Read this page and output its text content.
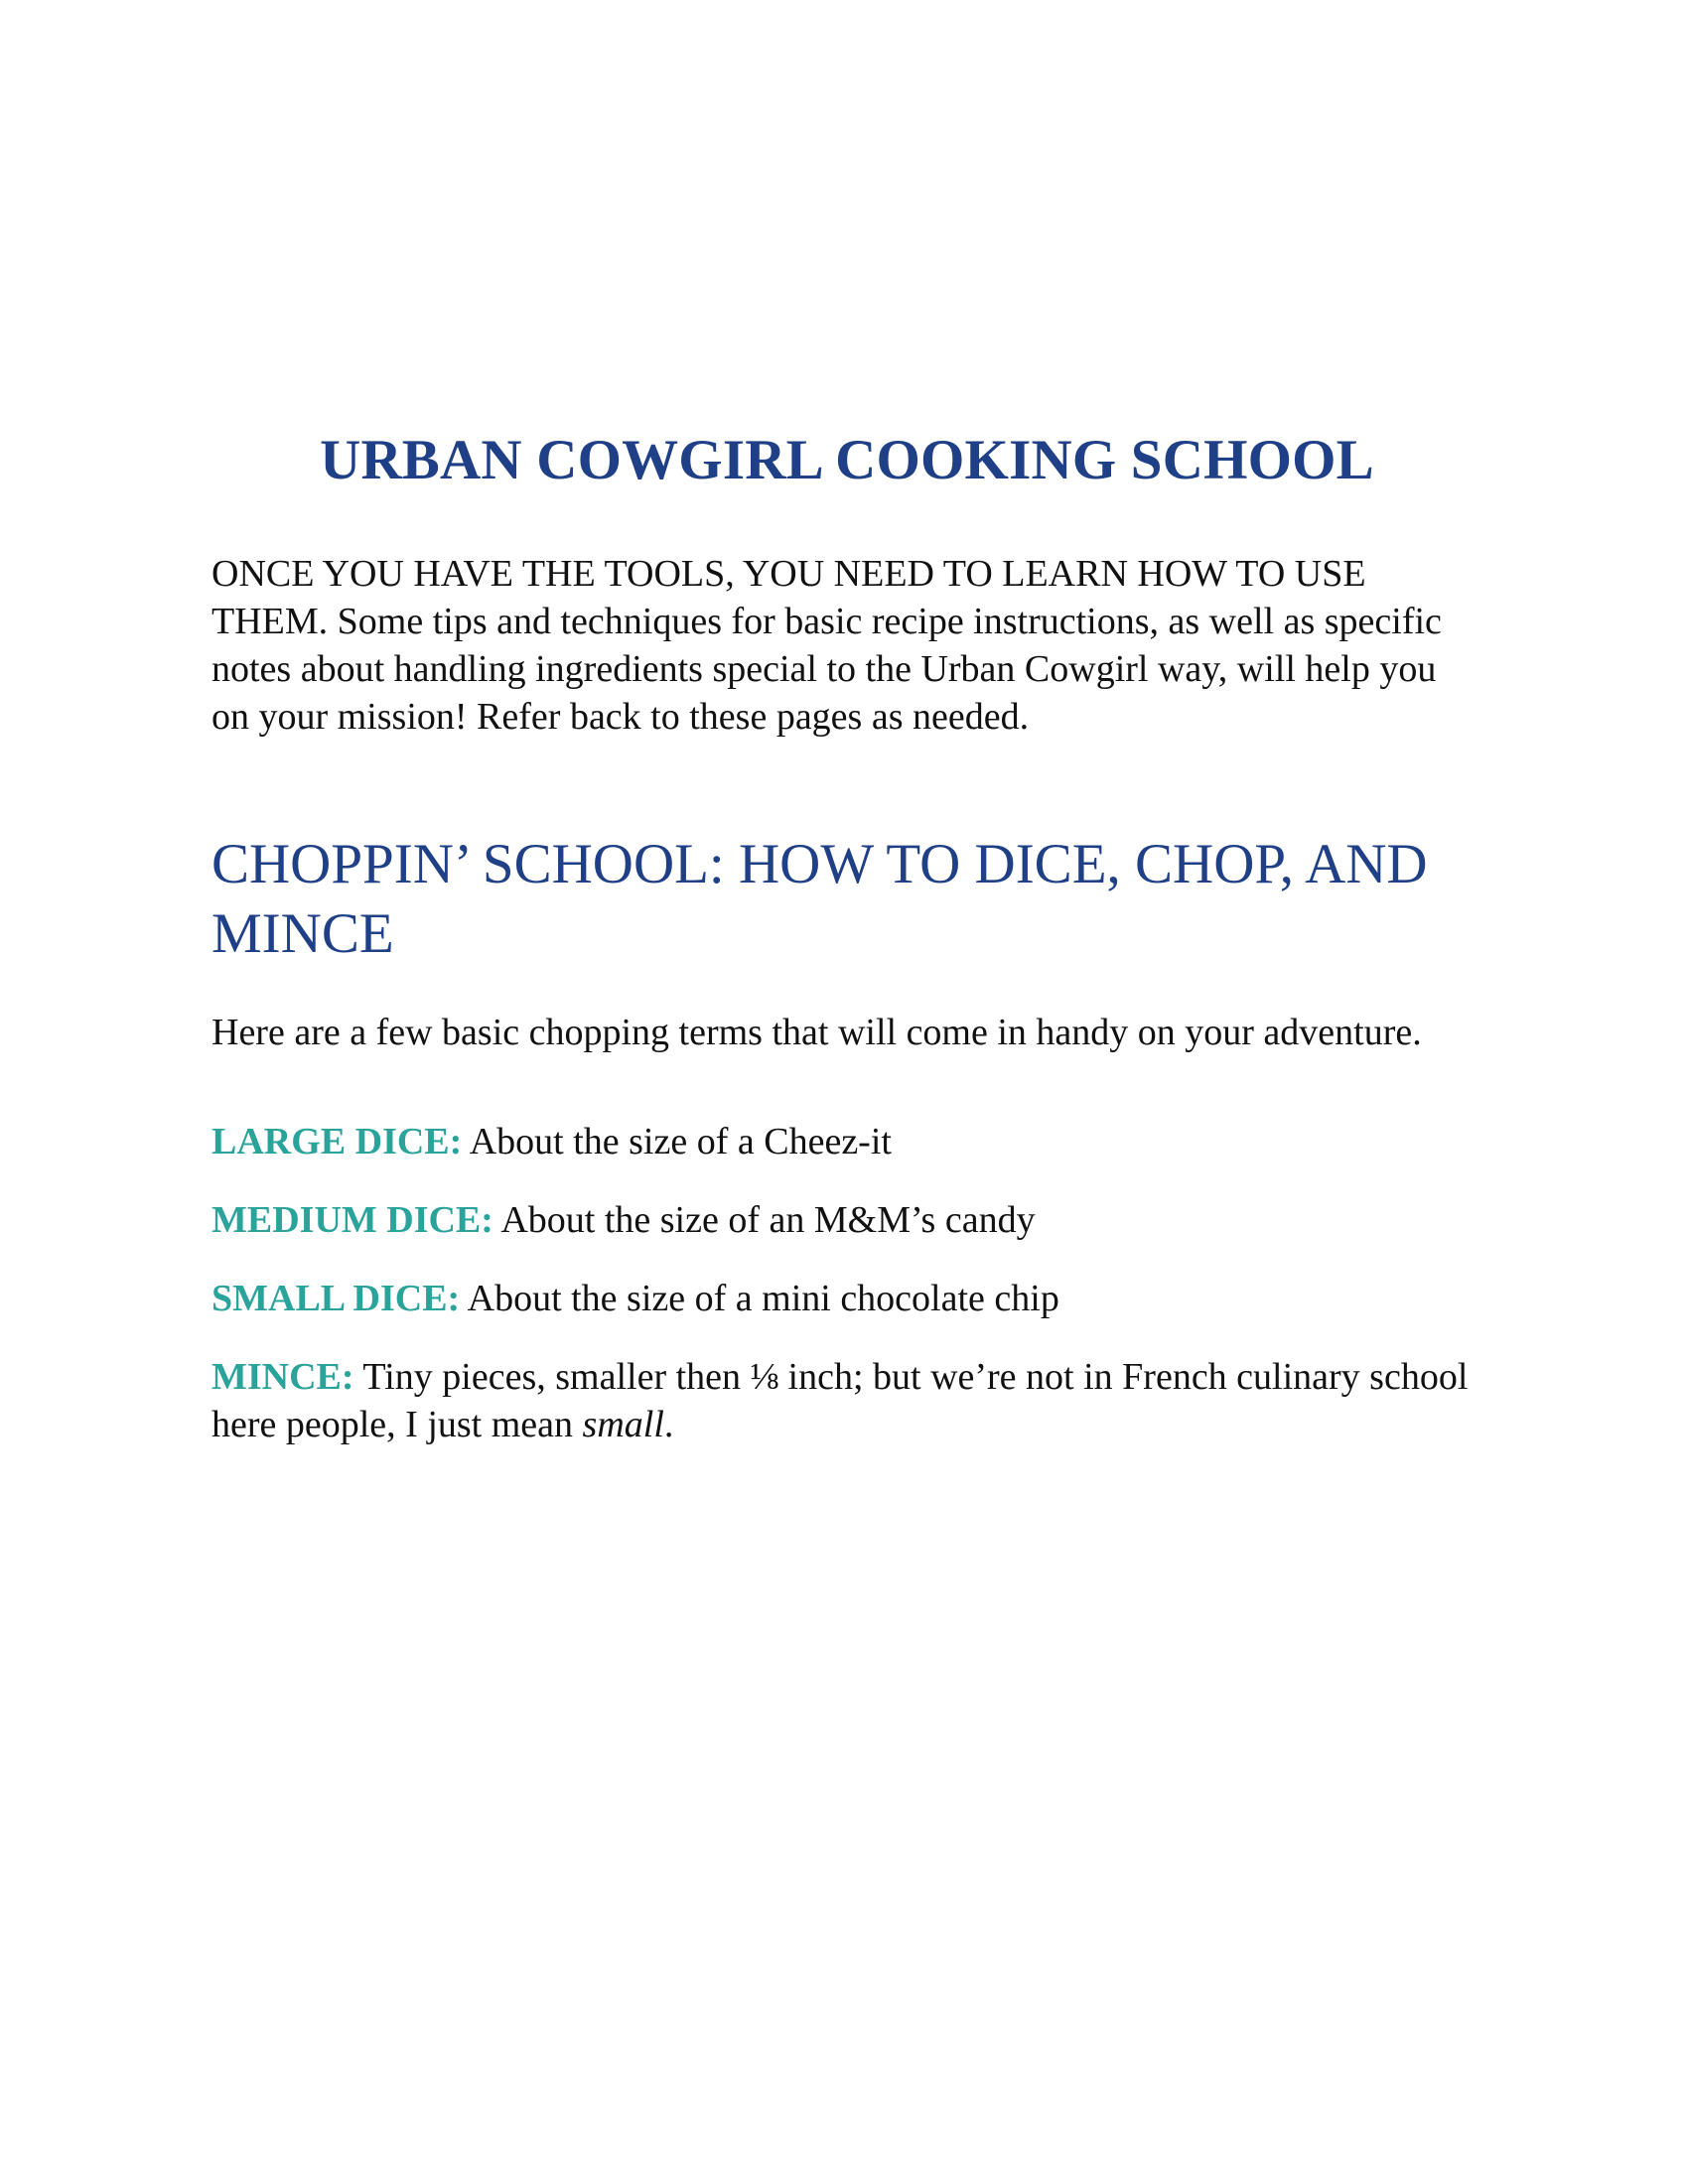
URBAN COWGIRL COOKING SCHOOL

ONCE YOU HAVE THE TOOLS, YOU NEED TO LEARN HOW TO USE THEM. Some tips and techniques for basic recipe instructions, as well as specific notes about handling ingredients special to the Urban Cowgirl way, will help you on your mission! Refer back to these pages as needed.

CHOPPIN’ SCHOOL: HOW TO DICE, CHOP, AND MINCE

Here are a few basic chopping terms that will come in handy on your adventure.

LARGE DICE: About the size of a Cheez-it

MEDIUM DICE: About the size of an M&M’s candy

SMALL DICE: About the size of a mini chocolate chip

MINCE: Tiny pieces, smaller then ⅛ inch; but we’re not in French culinary school here people, I just mean small.
